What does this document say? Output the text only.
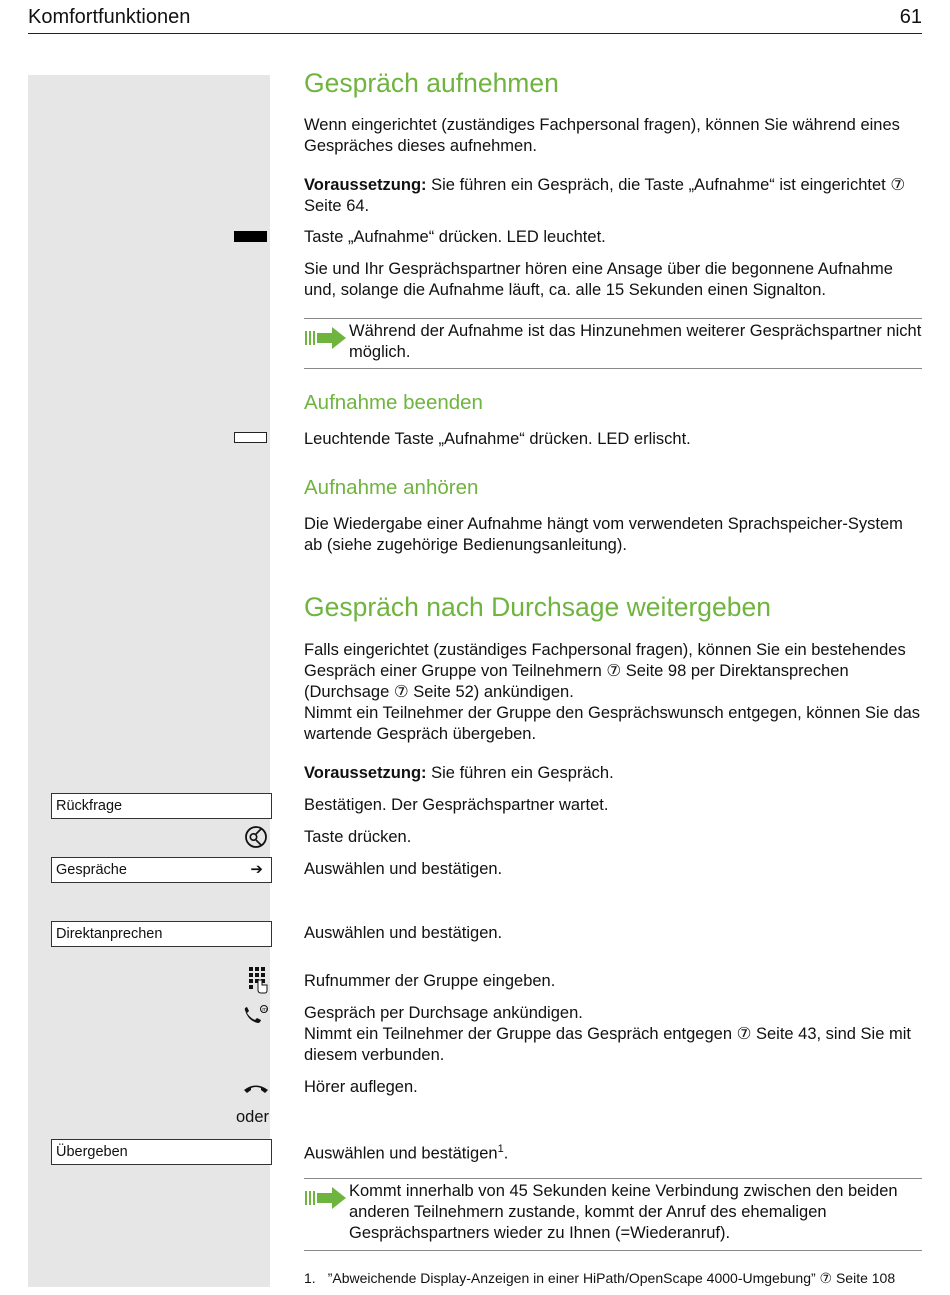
Komfortfunktionen	61
Gespräch aufnehmen
Wenn eingerichtet (zuständiges Fachpersonal fragen), können Sie während eines Gespräches dieses aufnehmen.
Voraussetzung: Sie führen ein Gespräch, die Taste „Aufnahme“ ist eingerichtet ⑦ Seite 64.
Taste „Aufnahme“ drücken. LED leuchtet.
Sie und Ihr Gesprächspartner hören eine Ansage über die begonnene Aufnahme und, solange die Aufnahme läuft, ca. alle 15 Sekunden einen Signalton.
Während der Aufnahme ist das Hinzunehmen weiterer Gesprächspartner nicht möglich.
Aufnahme beenden
Leuchtende Taste „Aufnahme“ drücken. LED erlischt.
Aufnahme anhören
Die Wiedergabe einer Aufnahme hängt vom verwendeten Sprachspeicher-System ab (siehe zugehörige Bedienungsanleitung).
Gespräch nach Durchsage weitergeben
Falls eingerichtet (zuständiges Fachpersonal fragen), können Sie ein bestehendes Gespräch einer Gruppe von Teilnehmern ⑦ Seite 98 per Direktansprechen (Durchsage ⑦ Seite 52) ankündigen.
Nimmt ein Teilnehmer der Gruppe den Gesprächswunsch entgegen, können Sie das wartende Gespräch übergeben.
Voraussetzung: Sie führen ein Gespräch.
Rückfrage	Bestätigen. Der Gesprächspartner wartet.
Taste drücken.
Gespräche	➔ Auswählen und bestätigen.
Direktanprechen	Auswählen und bestätigen.
Rufnummer der Gruppe eingeben.
m Gespräch per Durchsage ankündigen.
Nimmt ein Teilnehmer der Gruppe das Gespräch entgegen ⑦ Seite 43, sind Sie mit diesem verbunden.
Hörer auflegen.
oder
Übergeben	Auswählen und bestätigen$^1$.
Kommt innerhalb von 45 Sekunden keine Verbindung zwischen den beiden anderen Teilnehmern zustande, kommt der Anruf des ehemaligen Gesprächspartners wieder zu Ihnen (=Wiederanruf).
1. ”Abweichende Display-Anzeigen in einer HiPath/OpenScape 4000-Umgebung” ⑦ Seite 108
